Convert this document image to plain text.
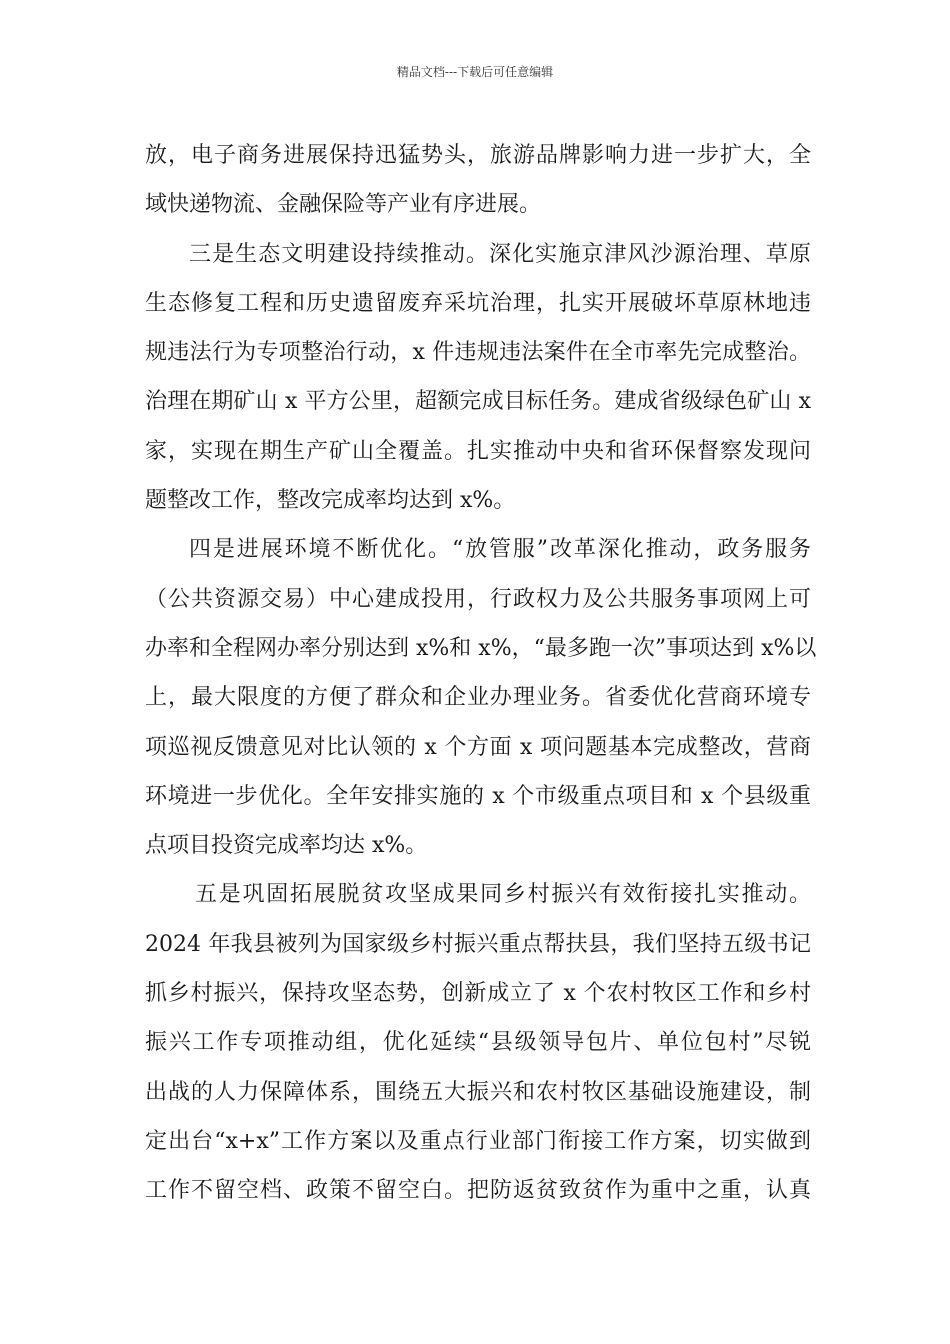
精品文档---下载后可任意编辑
放，电子商务进展保持迅猛势头，旅游品牌影响力进一步扩大，全
域快递物流、金融保险等产业有序进展。
三是生态文明建设持续推动。深化实施京津风沙源治理、草原
生态修复工程和历史遗留废弃采坑治理，扎实开展破坏草原林地违
规违法行为专项整治行动，x 件违规违法案件在全市率先完成整治。
治理在期矿山 x 平方公里，超额完成目标任务。建成省级绿色矿山 x
家，实现在期生产矿山全覆盖。扎实推动中央和省环保督察发现问
题整改工作，整改完成率均达到 x%。
四是进展环境不断优化。“放管服”改革深化推动，政务服务
（公共资源交易）中心建成投用，行政权力及公共服务事项网上可
办率和全程网办率分别达到 x%和 x%，“最多跑一次”事项达到 x%以
上，最大限度的方便了群众和企业办理业务。省委优化营商环境专
项巡视反馈意见对比认领的 x 个方面 x 项问题基本完成整改，营商
环境进一步优化。全年安排实施的 x 个市级重点项目和 x 个县级重
点项目投资完成率均达 x%。
五是巩固拓展脱贫攻坚成果同乡村振兴有效衔接扎实推动。
2024 年我县被列为国家级乡村振兴重点帮扶县，我们坚持五级书记
抓乡村振兴，保持攻坚态势，创新成立了 x 个农村牧区工作和乡村
振兴工作专项推动组，优化延续“县级领导包片、单位包村”尽锐
出战的人力保障体系，围绕五大振兴和农村牧区基础设施建设，制
定出台“x+x”工作方案以及重点行业部门衔接工作方案，切实做到
工作不留空档、政策不留空白。把防返贫致贫作为重中之重，认真
